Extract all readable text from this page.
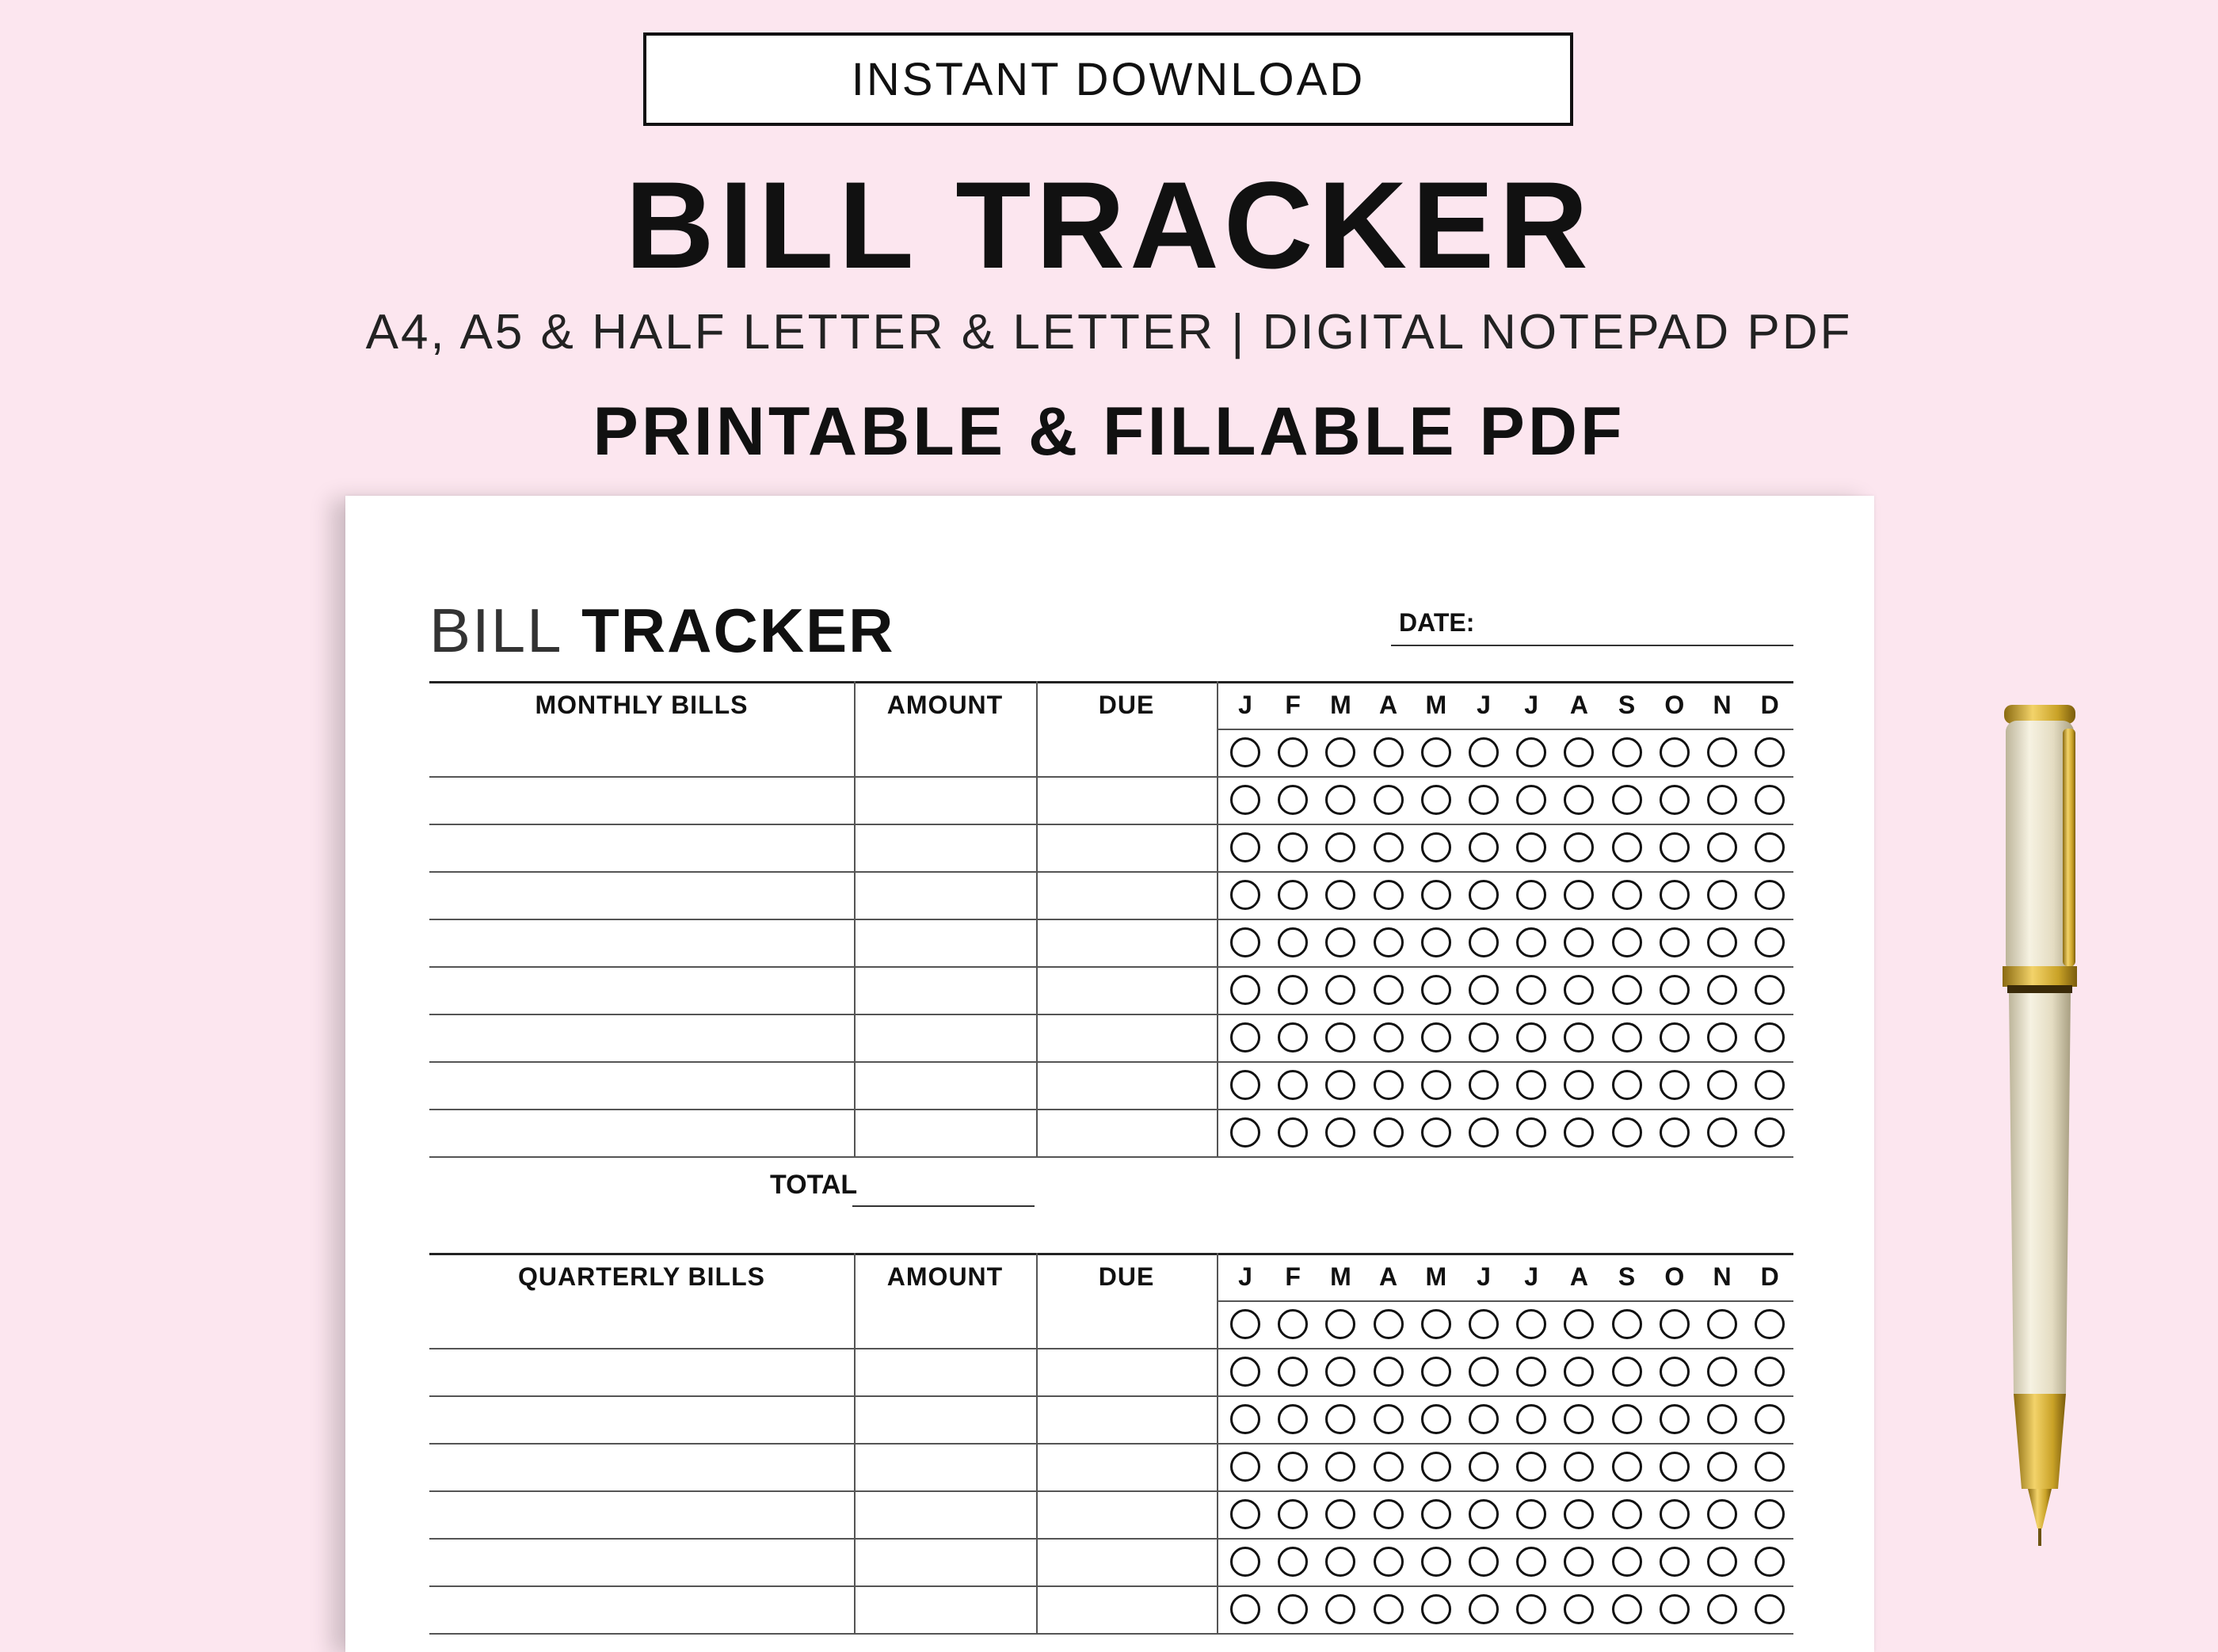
INSTANT DOWNLOAD
BILL TRACKER
A4, A5 & HALF LETTER & LETTER | DIGITAL NOTEPAD PDF
PRINTABLE & FILLABLE PDF
BILL TRACKER	DATE:
MONTHLY BILLS	AMOUNT	DUE	J	F	M	A	M	J	J	A	S	O	N	D
TOTAL
QUARTERLY BILLS	AMOUNT	DUE	J	F	M	A	M	J	J	A	S	O	N	D
